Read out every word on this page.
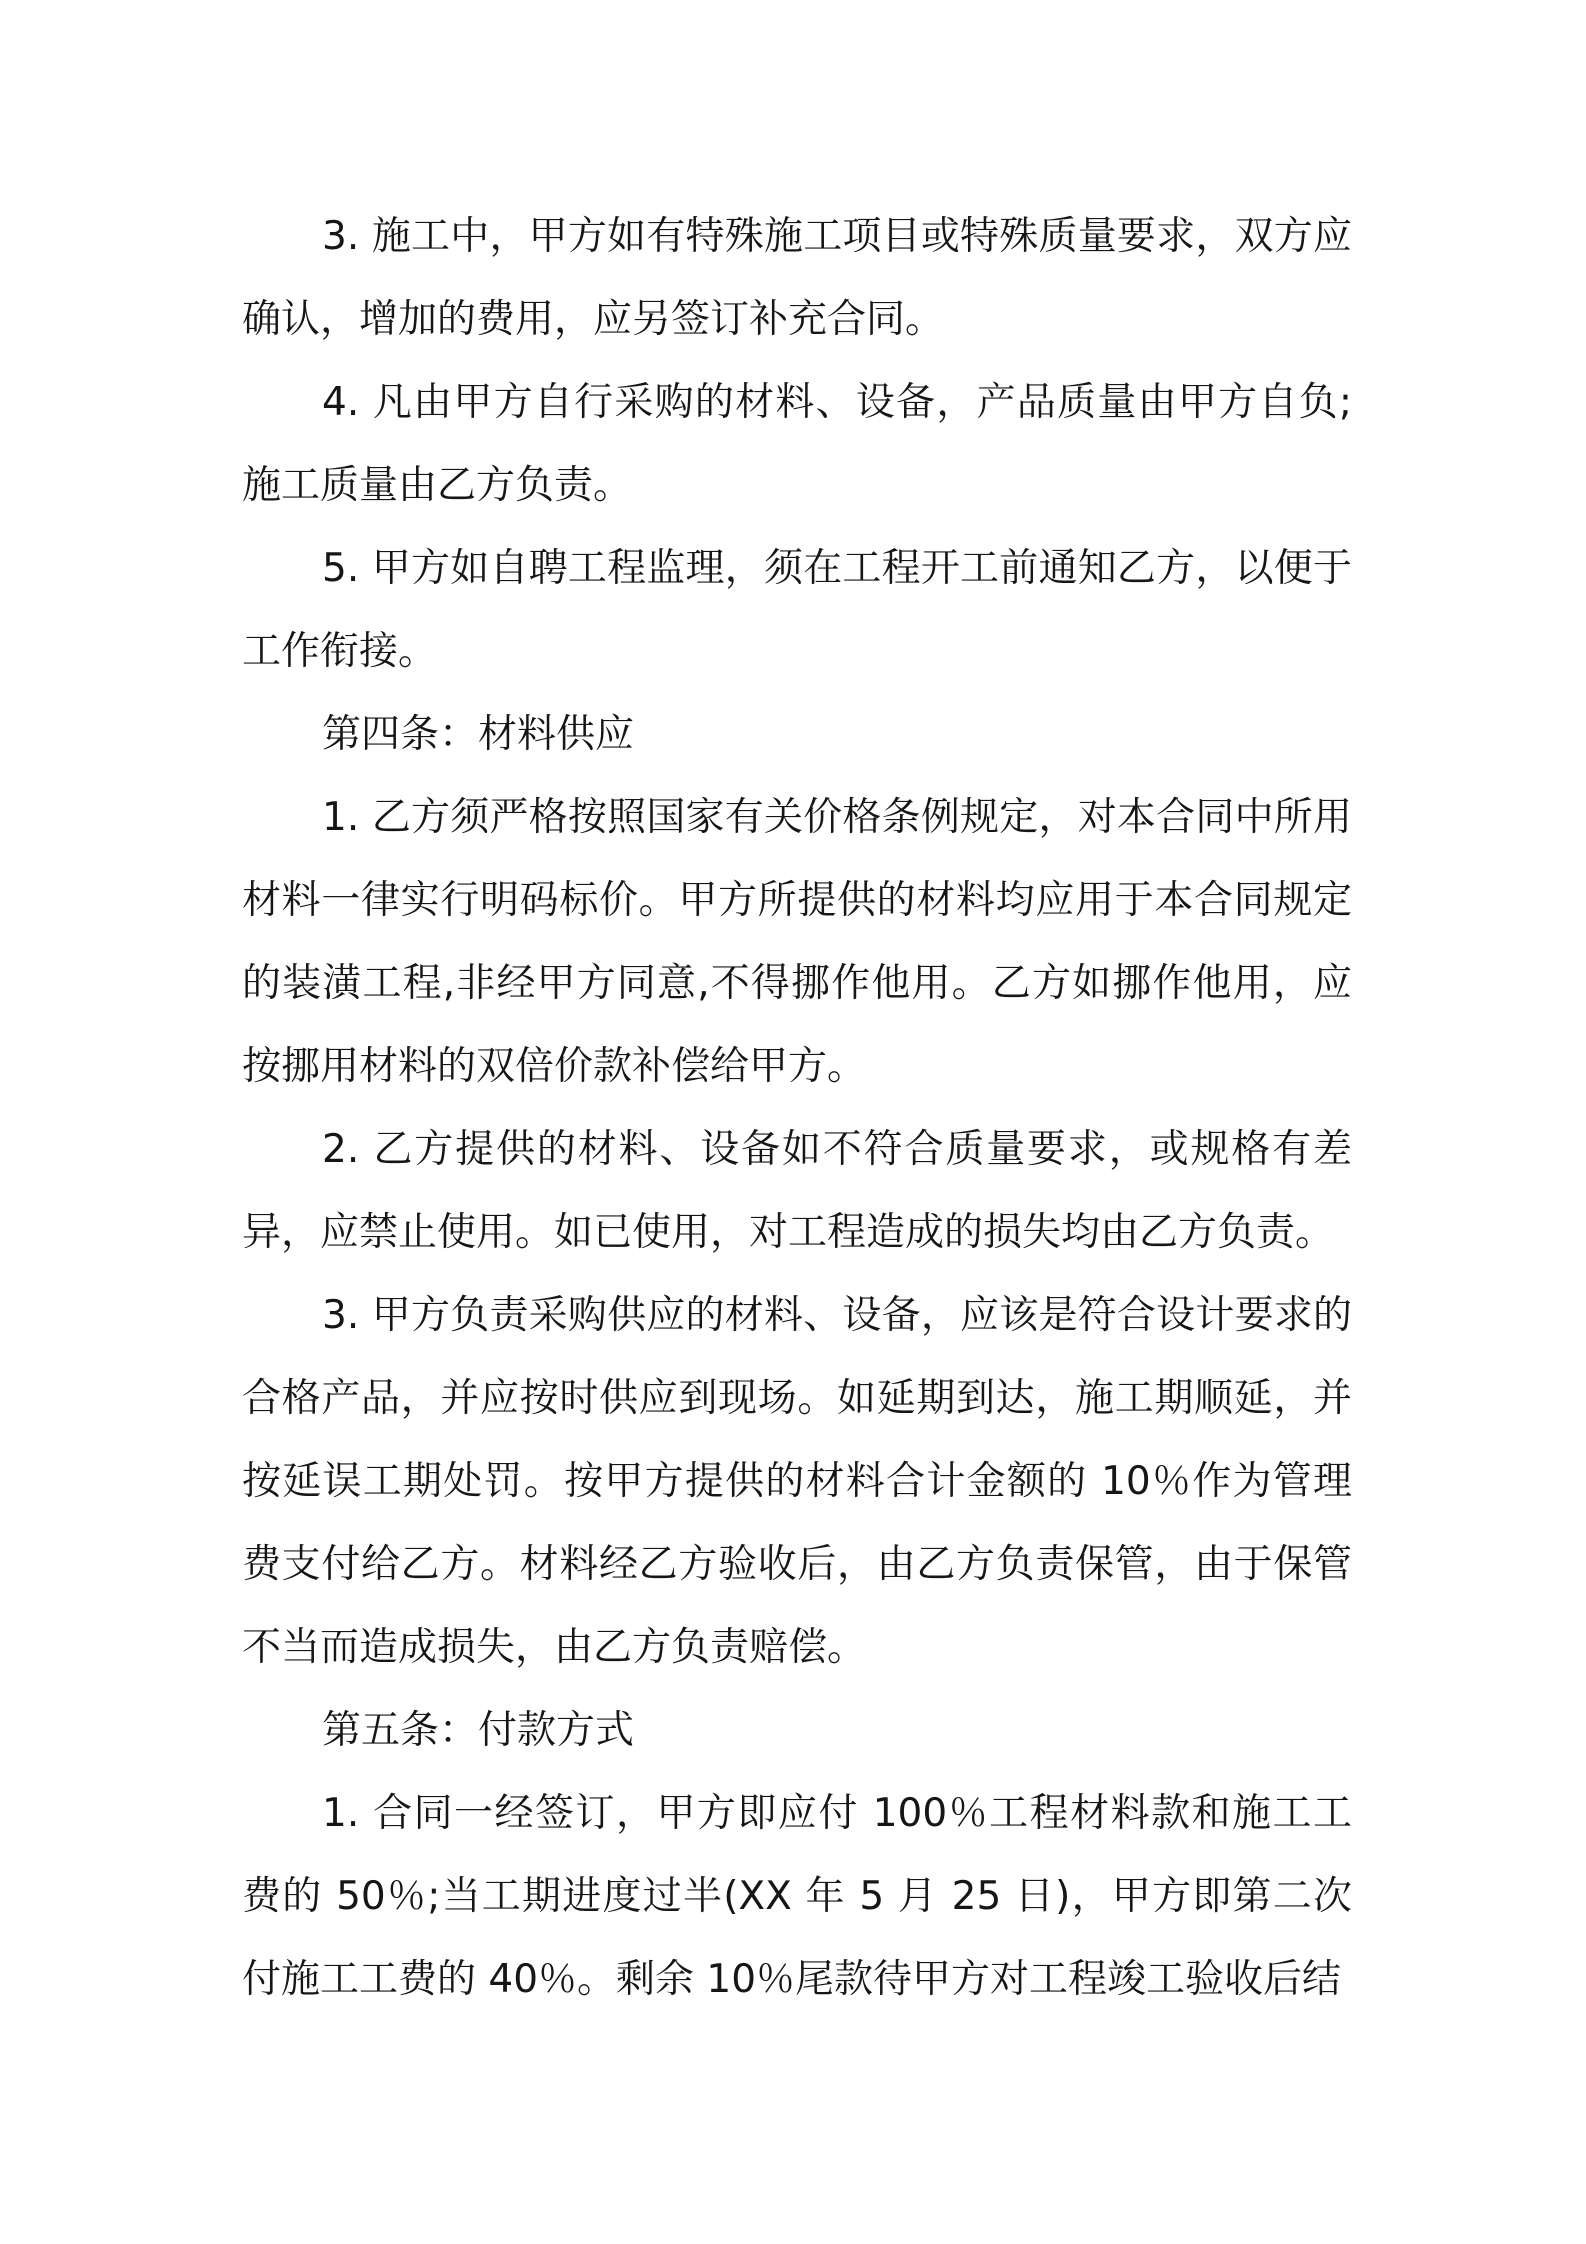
3. 施工中，甲方如有特殊施工项目或特殊质量要求，双方应确认，增加的费用，应另签订补充合同。

4. 凡由甲方自行采购的材料、设备，产品质量由甲方自负;施工质量由乙方负责。

5. 甲方如自聘工程监理，须在工程开工前通知乙方，以便于工作衔接。

第四条：材料供应

1. 乙方须严格按照国家有关价格条例规定，对本合同中所用材料一律实行明码标价。甲方所提供的材料均应用于本合同规定的装潢工程,非经甲方同意,不得挪作他用。乙方如挪作他用，应按挪用材料的双倍价款补偿给甲方。

2. 乙方提供的材料、设备如不符合质量要求，或规格有差异，应禁止使用。如已使用，对工程造成的损失均由乙方负责。

3. 甲方负责采购供应的材料、设备，应该是符合设计要求的合格产品，并应按时供应到现场。如延期到达，施工期顺延，并按延误工期处罚。按甲方提供的材料合计金额的 10％作为管理费支付给乙方。材料经乙方验收后，由乙方负责保管，由于保管不当而造成损失，由乙方负责赔偿。

第五条：付款方式

1. 合同一经签订，甲方即应付 100％工程材料款和施工工费的 50％;当工期进度过半(XX 年 5 月 25 日)，甲方即第二次付施工工费的 40％。剩余 10％尾款待甲方对工程竣工验收后结
